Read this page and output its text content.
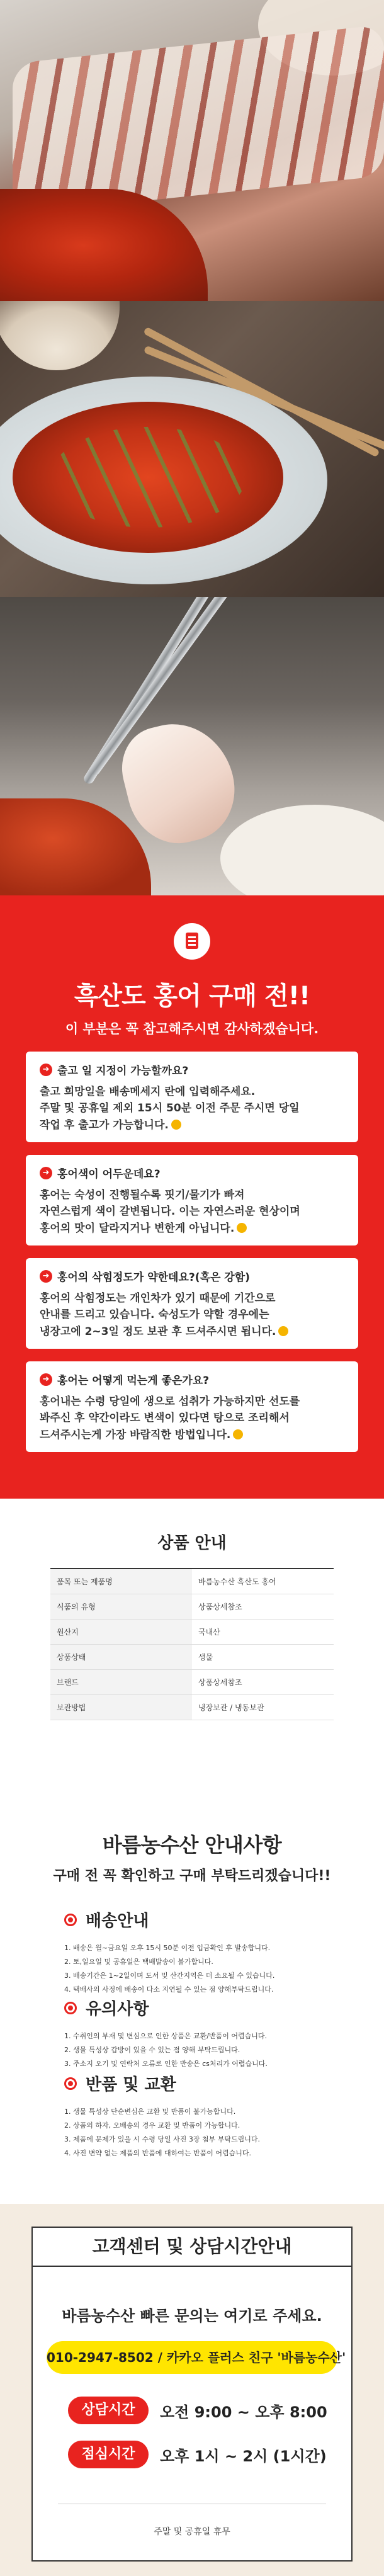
흑산도 홍어 구매 전!!
이 부분은 꼭 참고해주시면 감사하겠습니다.
➜ 출고 일 지정이 가능할까요?

출고 희망일을 배송메세지 란에 입력해주세요.

주말 및 공휴일 제외 15시 50분 이전 주문 주시면 당일

작업 후 출고가 가능합니다.

➜ 홍어색이 어두운데요?

홍어는 숙성이 진행될수록 핏기/물기가 빠져

자연스럽게 색이 갈변됩니다. 이는 자연스러운 현상이며

홍어의 맛이 달라지거나 변한게 아닙니다.

➜ 홍어의 삭힘정도가 약한데요?(혹은 강함)

홍어의 삭힘정도는 개인차가 있기 때문에 기간으로

안내를 드리고 있습니다. 숙성도가 약할 경우에는

냉장고에 2~3일 정도 보관 후 드셔주시면 됩니다.

➜ 홍어는 어떻게 먹는게 좋은가요?

홍어내는 수령 당일에 생으로 섭취가 가능하지만 선도를

봐주신 후 약간이라도 변색이 있다면 탕으로 조리해서

드셔주시는게 가장 바람직한 방법입니다.

상품 안내
품목 또는 제품명	바름농수산 흑산도 홍어
식품의 유형	상품상세참조
원산지	국내산
상품상태	생물
브랜드	상품상세참조
보관방법	냉장보관 / 냉동보관
바름농수산 안내사항
구매 전 꼭 확인하고 구매 부탁드리겠습니다!!
배송안내

1. 배송은 월~금요일 오후 15시 50분 이전 입금확인 후 발송합니다.

2. 토,일요일 및 공휴일은 택배발송이 불가합니다.

3. 배송기간은 1~2일이며 도서 및 산간지역은 더 소요될 수 있습니다.

4. 택배사의 사정에 배송이 다소 지연될 수 있는 점 양해부탁드립니다.

유의사항

1. 수취인의 부재 및 변심으로 인한 상품은 교환/반품이 어렵습니다.

2. 생물 특성상 갑방이 있을 수 있는 점 양해 부탁드립니다.

3. 주소지 오기 및 연락처 오류로 인한 반송은 cs처리가 어렵습니다.

반품 및 교환

1. 생물 특성상 단순변심은 교환 및 반품이 불가능합니다.

2. 상품의 하자, 오배송의 경우 교환 및 반품이 가능합니다.

3. 제품에 문제가 있을 시 수령 당일 사진 3장 첨부 부탁드립니다.

4. 사진 변약 없는 제품의 반품에 대하여는 반품이 어렵습니다.

고객센터 및 상담시간안내
바름농수산 빠른 문의는 여기로 주세요.
010-2947-8502 / 카카오 플러스 친구 '바름농수산'
상담시간	오전 9:00 ~ 오후 8:00
점심시간	오후 1시 ~ 2시 (1시간)
주말 및 공휴일 휴무
